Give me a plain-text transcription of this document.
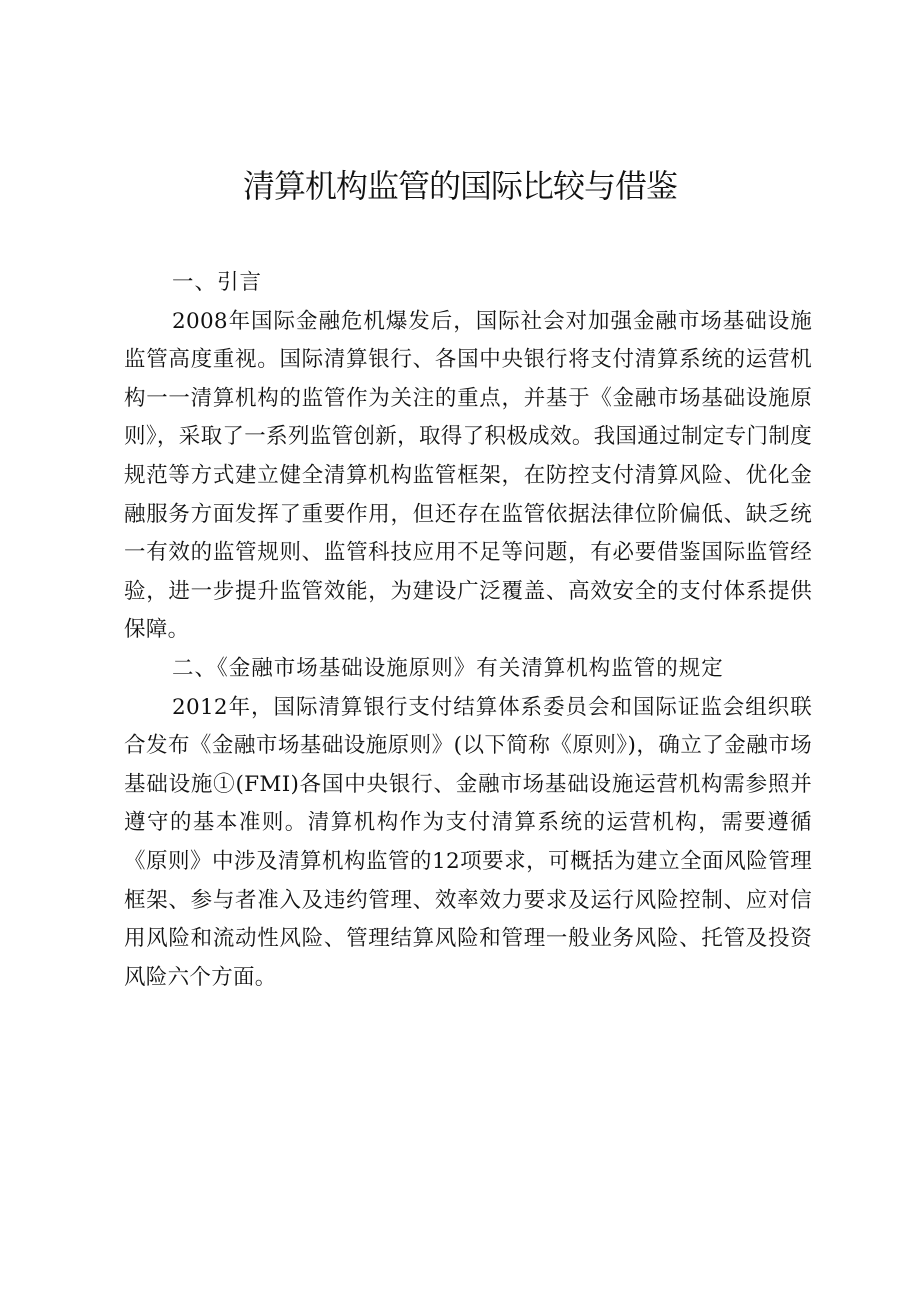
清算机构监管的国际比较与借鉴

一、引言

2008年国际金融危机爆发后，国际社会对加强金融市场基础设施监管高度重视。国际清算银行、各国中央银行将支付清算系统的运营机构一一清算机构的监管作为关注的重点，并基于《金融市场基础设施原则》，采取了一系列监管创新，取得了积极成效。我国通过制定专门制度规范等方式建立健全清算机构监管框架，在防控支付清算风险、优化金融服务方面发挥了重要作用，但还存在监管依据法律位阶偏低、缺乏统一有效的监管规则、监管科技应用不足等问题，有必要借鉴国际监管经验，进一步提升监管效能，为建设广泛覆盖、高效安全的支付体系提供保障。

二、《金融市场基础设施原则》有关清算机构监管的规定

2012年，国际清算银行支付结算体系委员会和国际证监会组织联合发布《金融市场基础设施原则》(以下简称《原则》)，确立了金融市场基础设施①(FMI)各国中央银行、金融市场基础设施运营机构需参照并遵守的基本准则。清算机构作为支付清算系统的运营机构，需要遵循《原则》中涉及清算机构监管的12项要求，可概括为建立全面风险管理框架、参与者准入及违约管理、效率效力要求及运行风险控制、应对信用风险和流动性风险、管理结算风险和管理一般业务风险、托管及投资风险六个方面。
